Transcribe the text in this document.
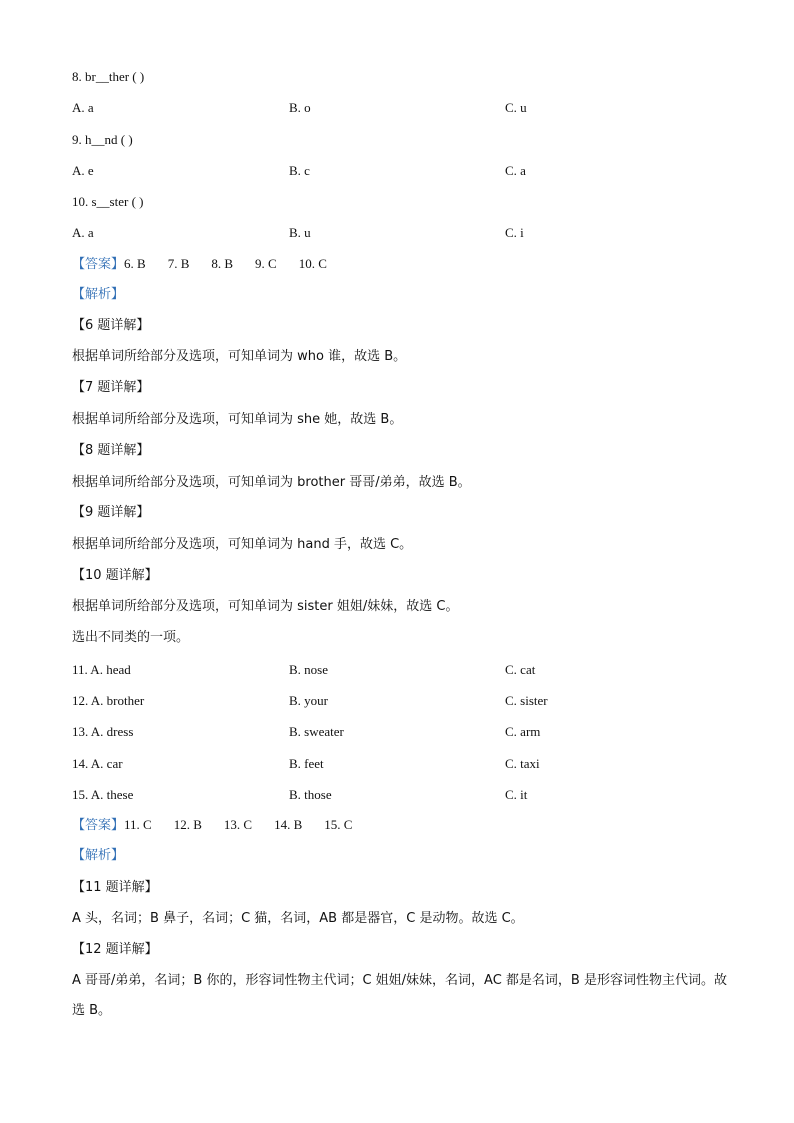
8. br__ther ( )
A. a	B. o	C. u
9. h__nd ( )
A. e	B. c	C. a
10. s__ster ( )
A. a	B. u	C. i
【答案】6. B 7. B 8. B 9. C 10. C
【解析】
【6 题详解】
根据单词所给部分及选项，可知单词为 who 谁，故选 B。
【7 题详解】
根据单词所给部分及选项，可知单词为 she 她，故选 B。
【8 题详解】
根据单词所给部分及选项，可知单词为 brother 哥哥/弟弟，故选 B。
【9 题详解】
根据单词所给部分及选项，可知单词为 hand 手，故选 C。
【10 题详解】
根据单词所给部分及选项，可知单词为 sister 姐姐/妹妹，故选 C。
选出不同类的一项。
11. A. head	B. nose	C. cat
12. A. brother	B. your	C. sister
13. A. dress	B. sweater	C. arm
14. A. car	B. feet	C. taxi
15. A. these	B. those	C. it
【答案】11. C 12. B 13. C 14. B 15. C
【解析】
【11 题详解】
A 头，名词；B 鼻子，名词；C 猫，名词，AB 都是器官，C 是动物。故选 C。
【12 题详解】
A 哥哥/弟弟，名词；B 你的，形容词性物主代词；C 姐姐/妹妹，名词，AC 都是名词，B 是形容词性物主代词。故选 B。
